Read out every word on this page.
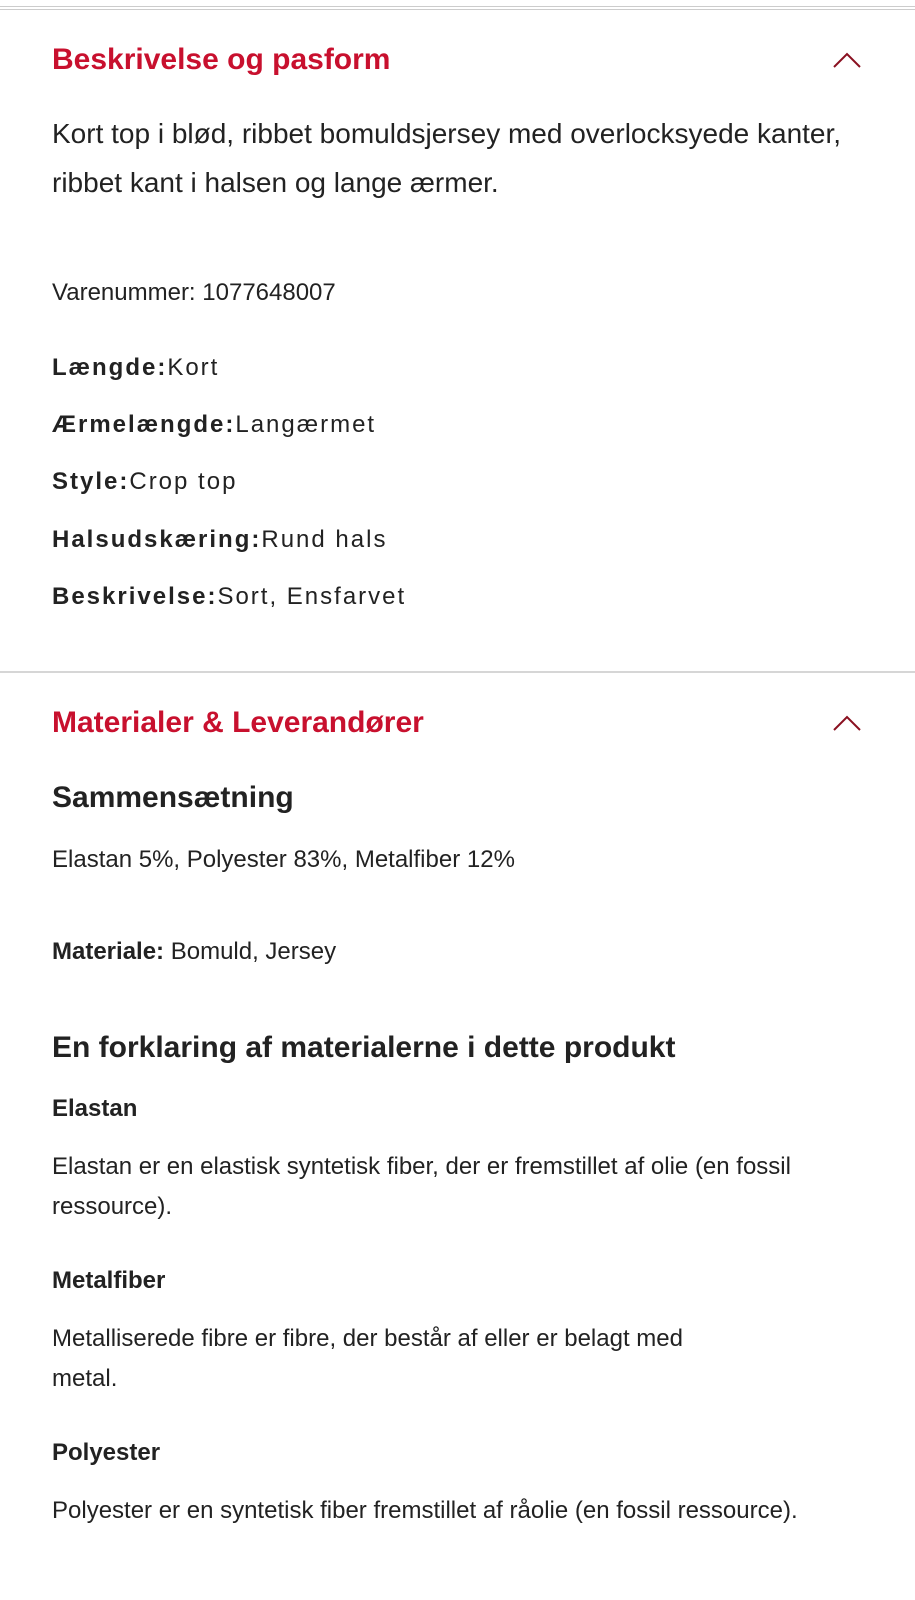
Beskrivelse og pasform

Kort top i blød, ribbet bomuldsjersey med overlocksyede kanter, ribbet kant i halsen og lange ærmer.

Varenummer: 1077648007

Længde:Kort
Ærmelængde:Langærmet
Style:Crop top
Halsudskæring:Rund hals
Beskrivelse:Sort, Ensfarvet
Materialer & Leverandører
Sammensætning

Elastan 5%, Polyester 83%, Metalfiber 12%

Materiale: Bomuld, Jersey

En forklaring af materialerne i dette produkt
Elastan

Elastan er en elastisk syntetisk fiber, der er fremstillet af olie (en fossil ressource).

Metalfiber

Metalliserede fibre er fibre, der består af eller er belagt med metal.

Polyester

Polyester er en syntetisk fiber fremstillet af råolie (en fossil ressource).
